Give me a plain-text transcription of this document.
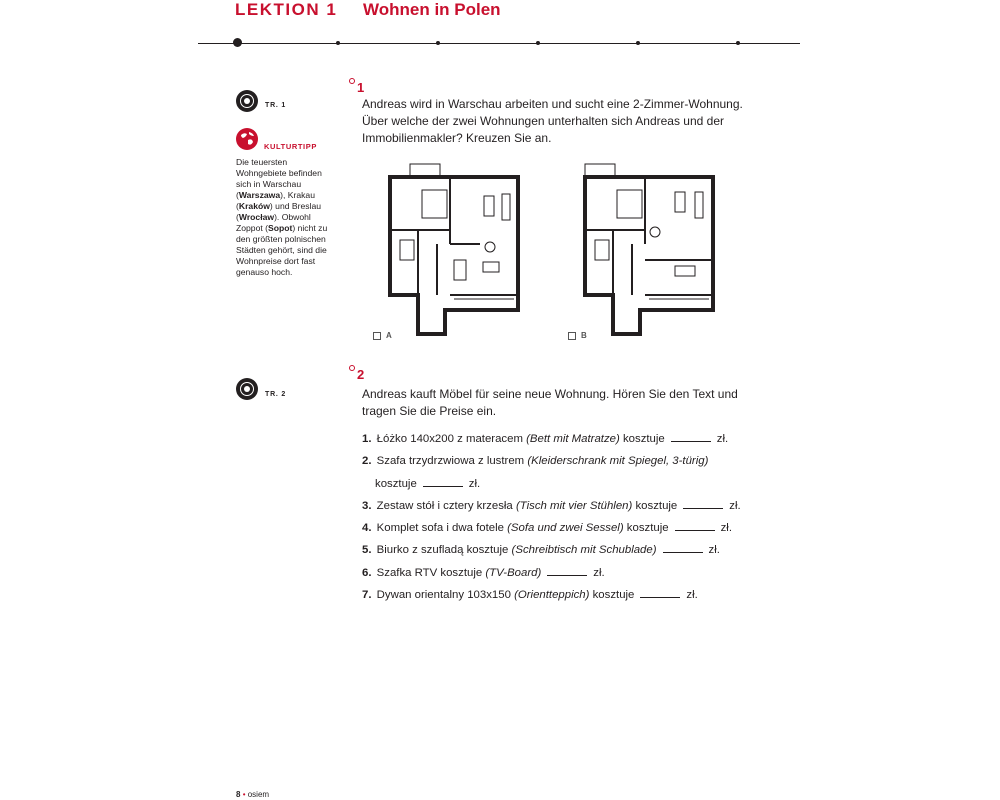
LEKTION 1 Wohnen in Polen
TR. 1
KULTURTIPP
Die teuersten Wohngebiete befinden sich in Warschau (Warszawa), Krakau (Kraków) und Breslau (Wrocław). Obwohl Zoppot (Sopot) nicht zu den größten polnischen Städten gehört, sind die Wohnpreise dort fast genauso hoch.
TR. 2
1
Andreas wird in Warschau arbeiten und sucht eine 2-Zimmer-Wohnung. Über welche der zwei Wohnungen unterhalten sich Andreas und der Immobilienmakler? Kreuzen Sie an.
A	B
2
Andreas kauft Möbel für seine neue Wohnung. Hören Sie den Text und tragen Sie die Preise ein.
1. Łóżko 140x200 z materacem (Bett mit Matratze) kosztuje	zł.
2. Szafa trzydrzwiowa z lustrem (Kleiderschrank mit Spiegel, 3-türig)
kosztuje	zł.
3. Zestaw stół i cztery krzesła (Tisch mit vier Stühlen) kosztuje	zł.
4. Komplet sofa i dwa fotele (Sofa und zwei Sessel) kosztuje	zł.
5. Biurko z szufladą kosztuje (Schreibtisch mit Schublade)	zł.
6. Szafka RTV kosztuje (TV-Board)	zł.
7. Dywan orientalny 103x150 (Orientteppich) kosztuje	zł.
8 • osiem
